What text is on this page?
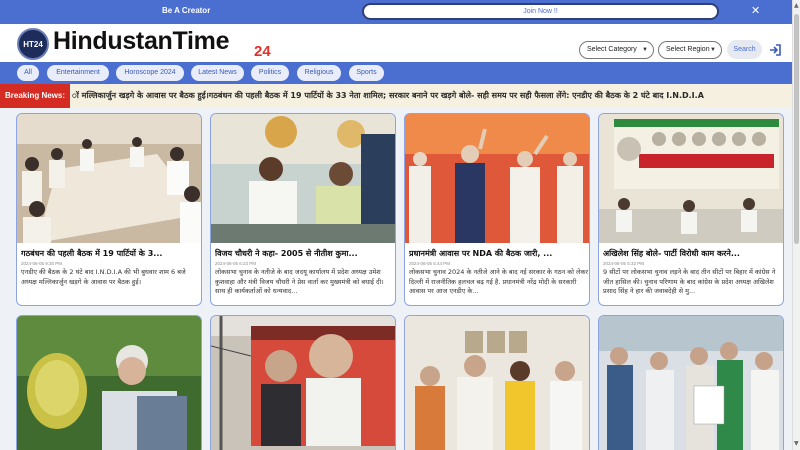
Be A Creator	Join Now !!	✕
HT24 HindustanTime 24	Select Category ▼	Select Region ▼	Search
All	Entertainment	Horoscope 2024	Latest News	Politics	Religious	Sports
ॉ मल्लिकार्जुन खड़गे के आवास पर बैठक हुई।गठबंधन की पहली बैठक में 19 पार्टियों के 33 नेता शामिल; सरकार बनाने पर खड़गे बोले- सही समय पर सही फैसला लेंगे: एनडीए की बैठक के 2 घंटे बाद I.N.D.I.A
Breaking News:
गठबंधन की पहली बैठक में 19 पार्टियों के 3...
2024-06-05 9:30 PM
एनडीए की बैठक के 2 घंटे बाद I.N.D.I.A की भी बुधवार शाम 6 बजे अध्यक्ष मल्लिकार्जुन खड़गे के आवास पर बैठक हुई।
विजय चौधरी ने कहा- 2005 से नीतीश कुमा...
2024-06-05 6:23 PM
लोकसभा चुनाव के नतीजे के बाद जदयू कार्यालय में प्रदेश अध्यक्ष उमेश कुशवाहा और मंत्री विजय चौधरी ने प्रेस वार्ता कर मुख्यमंत्री को बधाई दी। साथ ही कार्यकर्ताओं को धन्यवाद...
प्रधानमंत्री आवास पर NDA की बैठक जारी, ...
2024-06-05 5:44 PM
लोकसभा चुनाव 2024 के नतीजे आने के बाद नई सरकार के गठन को लेकर दिल्ली में राजनीतिक हलचल बढ़ गई है. प्रधानमंत्री नरेंद्र मोदी के सरकारी आवास पर आज एनडीए के...
अखिलेश सिंह बोले- पार्टी विरोधी काम करने...
2024-06-05 5:32 PM
9 सीटों पर लोकसभा चुनाव लड़ने के बाद तीन सीटों पर बिहार में कांग्रेस ने जीत हासिल की। चुनाव परिणाम के बाद कांग्रेस के प्रदेश अध्यक्ष अखिलेश प्रसाद सिंह ने हार की जवाबदेही से मु...
▲
▼
